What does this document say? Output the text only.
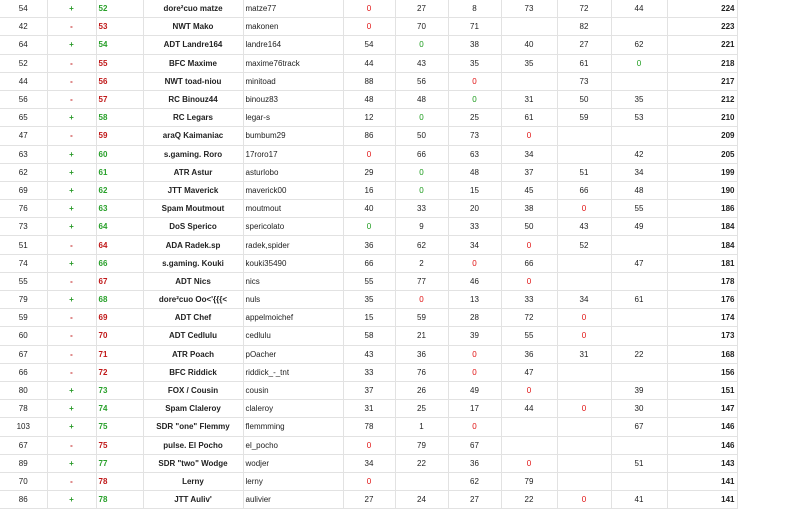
54	+	52	dore²cuo matze	matze77	0	27	8	73	72	44	224
42	-	53	NWT Mako	makonen	0	70	71		82		223
64	+	54	ADT Landre164	landre164	54	0	38	40	27	62	221
52	-	55	BFC Maxime	maxime76track	44	43	35	35	61	0	218
44	-	56	NWT toad-niou	minitoad	88	56	0		73		217
56	-	57	RC Binouz44	binouz83	48	48	0	31	50	35	212
65	+	58	RC Legars	legar-s	12	0	25	61	59	53	210
47	-	59	araQ Kaimaniac	bumbum29	86	50	73	0			209
63	+	60	s.gaming. Roro	17roro17	0	66	63	34		42	205
62	+	61	ATR Astur	asturlobo	29	0	48	37	51	34	199
69	+	62	JTT Maverick	maverick00	16	0	15	45	66	48	190
76	+	63	Spam Moutmout	moutmout	40	33	20	38	0	55	186
73	+	64	DoS Sperico	spericolato	0	9	33	50	43	49	184
51	-	64	ADA Radek.sp	radek,spider	36	62	34	0	52		184
74	+	66	s.gaming. Kouki	kouki35490	66	2	0	66		47	181
55	-	67	ADT Nics	nics	55	77	46	0			178
79	+	68	dore²cuo Oo<'{{{<	nuls	35	0	13	33	34	61	176
59	-	69	ADT Chef	appelmoichef	15	59	28	72	0		174
60	-	70	ADT Cedlulu	cedlulu	58	21	39	55	0		173
67	-	71	ATR Poach	pOacher	43	36	0	36	31	22	168
66	-	72	BFC Riddick	riddick_-_tnt	33	76	0	47			156
80	+	73	FOX / Cousin	cousin	37	26	49	0		39	151
78	+	74	Spam Claleroy	claleroy	31	25	17	44	0	30	147
103	+	75	SDR "one" Flemmy	flemmming	78	1	0			67	146
67	-	75	pulse. El Pocho	el_pocho	0	79	67				146
89	+	77	SDR "two" Wodge	wodjer	34	22	36	0		51	143
70	-	78	Lerny	lerny	0		62	79			141
86	+	78	JTT Auliv'	aulivier	27	24	27	22	0	41	141
